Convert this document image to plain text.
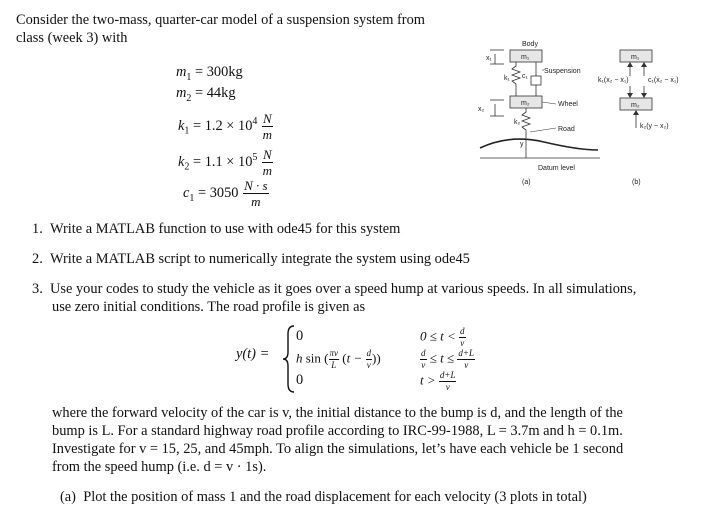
Consider the two-mass, quarter-car model of a suspension system from
class (week 3) with
$m_1 = 300kg$
$m_2 = 44kg$
$k_1 = 1.2 \times 10^4 \frac{N}{m}$
$k_2 = 1.1 \times 10^5 \frac{N}{m}$
$c_1 = 3050 \frac{N \cdot s}{m}$
Body
m₁
x₁
k₁ c₁
Suspension
m₂	Wheel
x₂
k₂
Road
y
Datum level
(a)
m₁
k₁(x₂ − x₁)	c₁(ẋ₂ − ẋ₁)
m₂
k₂(y − x₂)
(b)
1. Write a MATLAB function to use with ode45 for this system
2. Write a MATLAB script to numerically integrate the system using ode45
3. Use your codes to study the vehicle as it goes over a speed hump at various speeds. In all simulations,
use zero initial conditions. The road profile is given as
y(t) =
0
h sin ( $\frac{\pi v}{L} (t - \frac{d}{v}$ ))
0
$0 \le t < \frac{d}{v}$
$\frac{d}{v} \le t \le \frac{d+L}{v}$
$t > \frac{d+L}{v}$
where the forward velocity of the car is v, the initial distance to the bump is d, and the length of the
bump is L. For a standard highway road profile according to IRC-99-1988, L = 3.7m and h = 0.1m.
Investigate for v = 15, 25, and 45mph. To align the simulations, let’s have each vehicle be 1 second
from the speed hump (i.e. d = v · 1s).
(a) Plot the position of mass 1 and the road displacement for each velocity (3 plots in total)
